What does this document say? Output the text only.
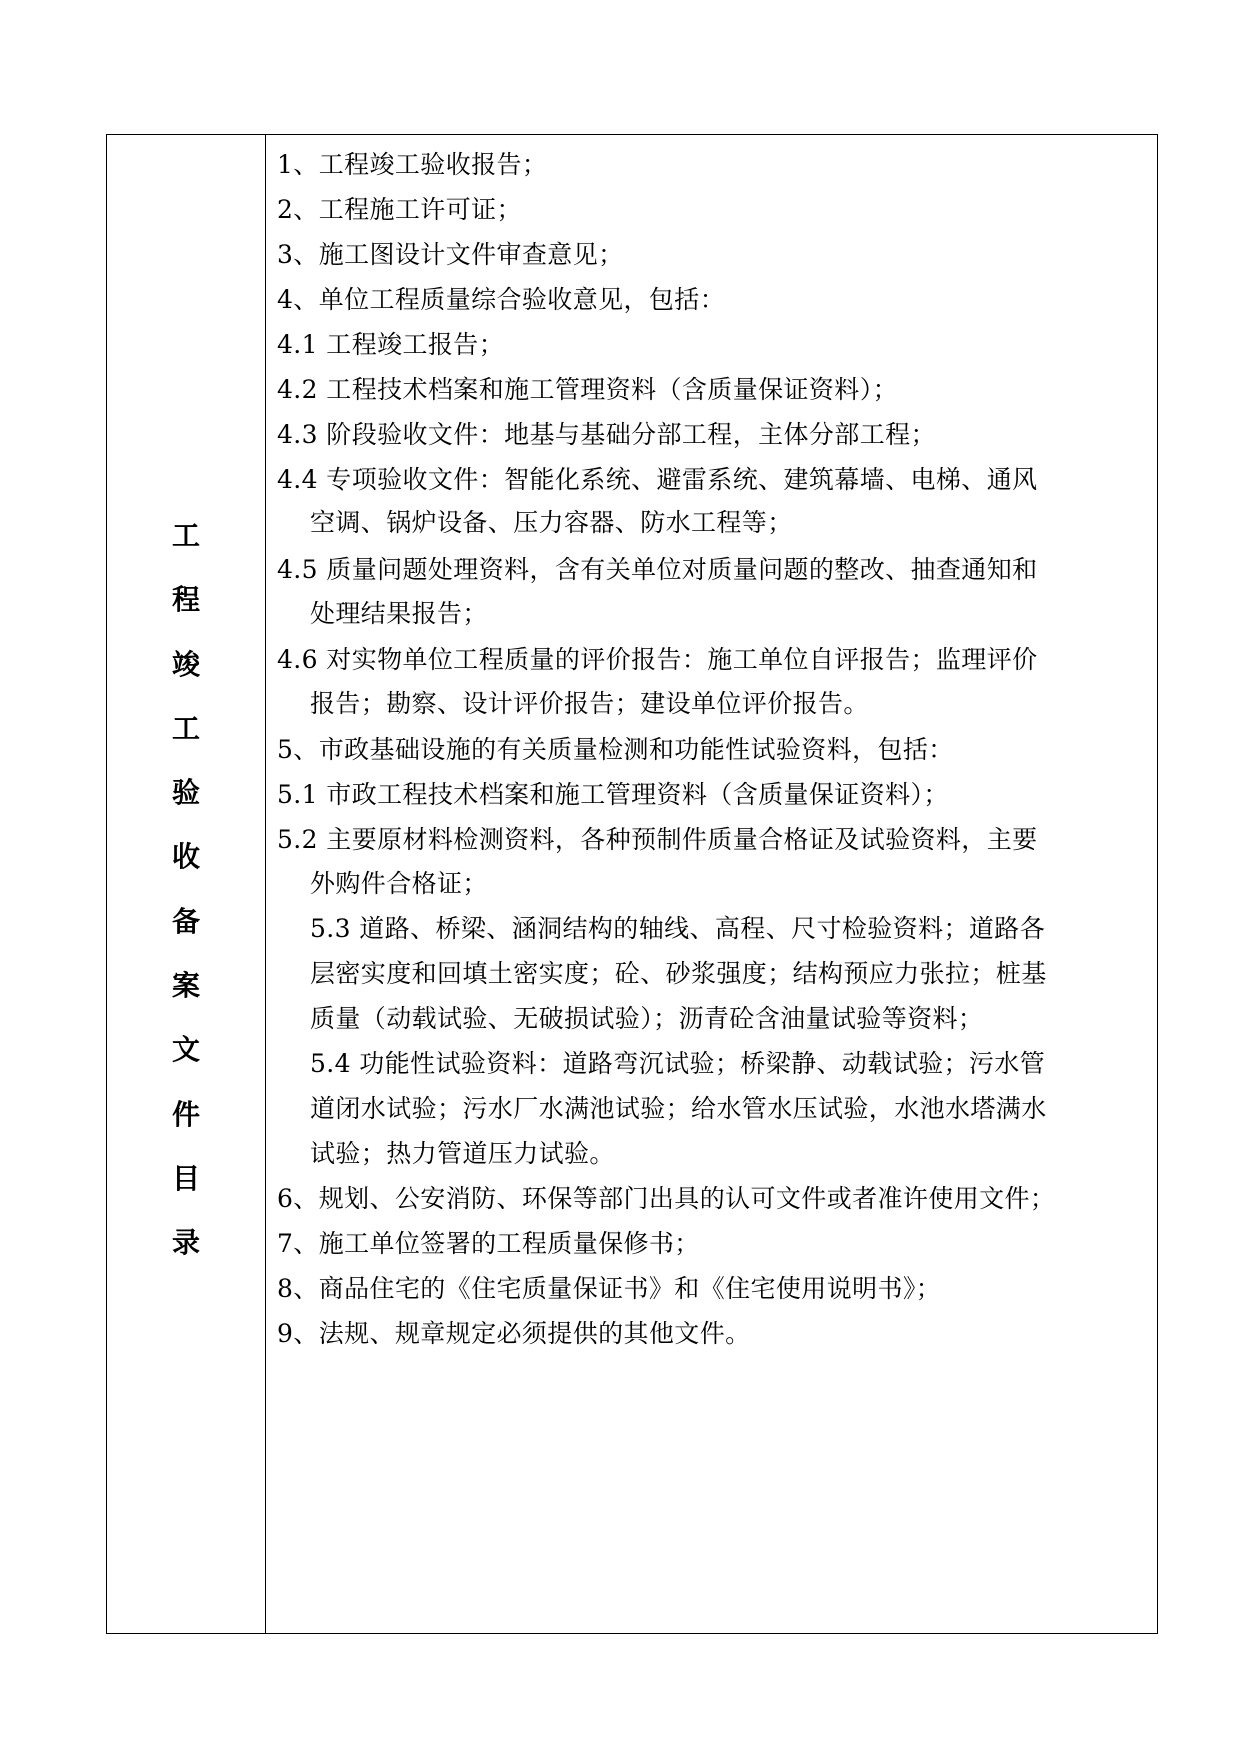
工
程
竣
工
验
收
备
案
文
件
目
录
1、工程竣工验收报告；
2、工程施工许可证；
3、施工图设计文件审查意见；
4、单位工程质量综合验收意见，包括：
4.1 工程竣工报告；
4.2 工程技术档案和施工管理资料（含质量保证资料）；
4.3 阶段验收文件：地基与基础分部工程，主体分部工程；
4.4 专项验收文件：智能化系统、避雷系统、建筑幕墙、电梯、通风
空调、锅炉设备、压力容器、防水工程等；
4.5 质量问题处理资料，含有关单位对质量问题的整改、抽查通知和
处理结果报告；
4.6 对实物单位工程质量的评价报告：施工单位自评报告；监理评价
报告；勘察、设计评价报告；建设单位评价报告。
5、市政基础设施的有关质量检测和功能性试验资料，包括：
5.1 市政工程技术档案和施工管理资料（含质量保证资料）；
5.2 主要原材料检测资料，各种预制件质量合格证及试验资料，主要
外购件合格证；
5.3 道路、桥梁、涵洞结构的轴线、高程、尺寸检验资料；道路各
层密实度和回填土密实度；砼、砂浆强度；结构预应力张拉；桩基
质量（动载试验、无破损试验）；沥青砼含油量试验等资料；
5.4 功能性试验资料：道路弯沉试验；桥梁静、动载试验；污水管
道闭水试验；污水厂水满池试验；给水管水压试验，水池水塔满水
试验；热力管道压力试验。
6、规划、公安消防、环保等部门出具的认可文件或者准许使用文件；
7、施工单位签署的工程质量保修书；
8、商品住宅的《住宅质量保证书》和《住宅使用说明书》；
9、法规、规章规定必须提供的其他文件。
